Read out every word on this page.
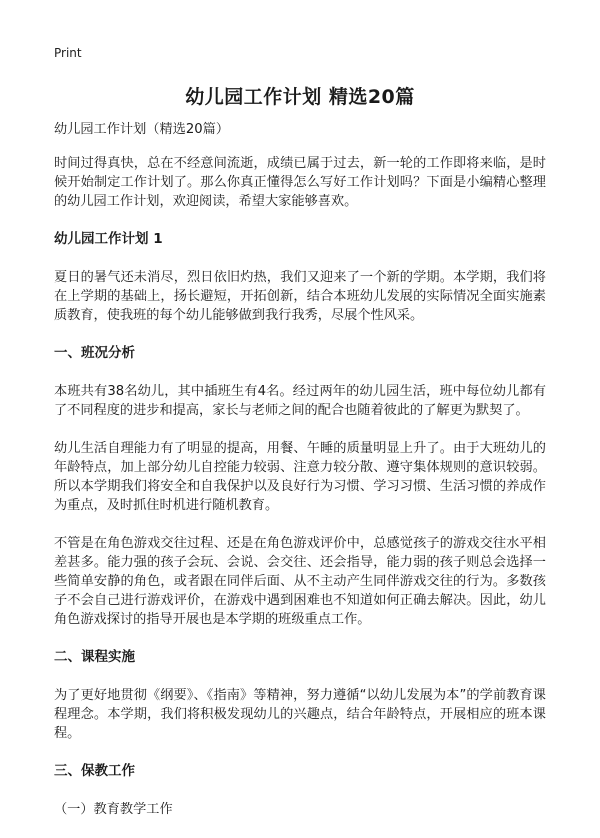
Print
幼儿园工作计划 精选20篇

幼儿园工作计划（精选20篇）

时间过得真快，总在不经意间流逝，成绩已属于过去，新一轮的工作即将来临，是时候开始制定工作计划了。那么你真正懂得怎么写好工作计划吗？下面是小编精心整理的幼儿园工作计划，欢迎阅读，希望大家能够喜欢。

幼儿园工作计划 1

夏日的暑气还未消尽，烈日依旧灼热，我们又迎来了一个新的学期。本学期，我们将在上学期的基础上，扬长避短，开拓创新，结合本班幼儿发展的实际情况全面实施素质教育，使我班的每个幼儿能够做到我行我秀，尽展个性风采。

一、班况分析

本班共有38名幼儿，其中插班生有4名。经过两年的幼儿园生活，班中每位幼儿都有了不同程度的进步和提高，家长与老师之间的配合也随着彼此的了解更为默契了。

幼儿生活自理能力有了明显的提高，用餐、午睡的质量明显上升了。由于大班幼儿的年龄特点，加上部分幼儿自控能力较弱、注意力较分散、遵守集体规则的意识较弱。所以本学期我们将安全和自我保护以及良好行为习惯、学习习惯、生活习惯的养成作为重点，及时抓住时机进行随机教育。

不管是在角色游戏交往过程、还是在角色游戏评价中，总感觉孩子的游戏交往水平相差甚多。能力强的孩子会玩、会说、会交往、还会指导，能力弱的孩子则总会选择一些简单安静的角色，或者跟在同伴后面、从不主动产生同伴游戏交往的行为。多数孩子不会自己进行游戏评价，在游戏中遇到困难也不知道如何正确去解决。因此，幼儿角色游戏探讨的指导开展也是本学期的班级重点工作。

二、课程实施

为了更好地贯彻《纲要》、《指南》等精神，努力遵循“以幼儿发展为本”的学前教育课程理念。本学期，我们将积极发现幼儿的兴趣点，结合年龄特点，开展相应的班本课程。

三、保教工作

（一）教育教学工作
